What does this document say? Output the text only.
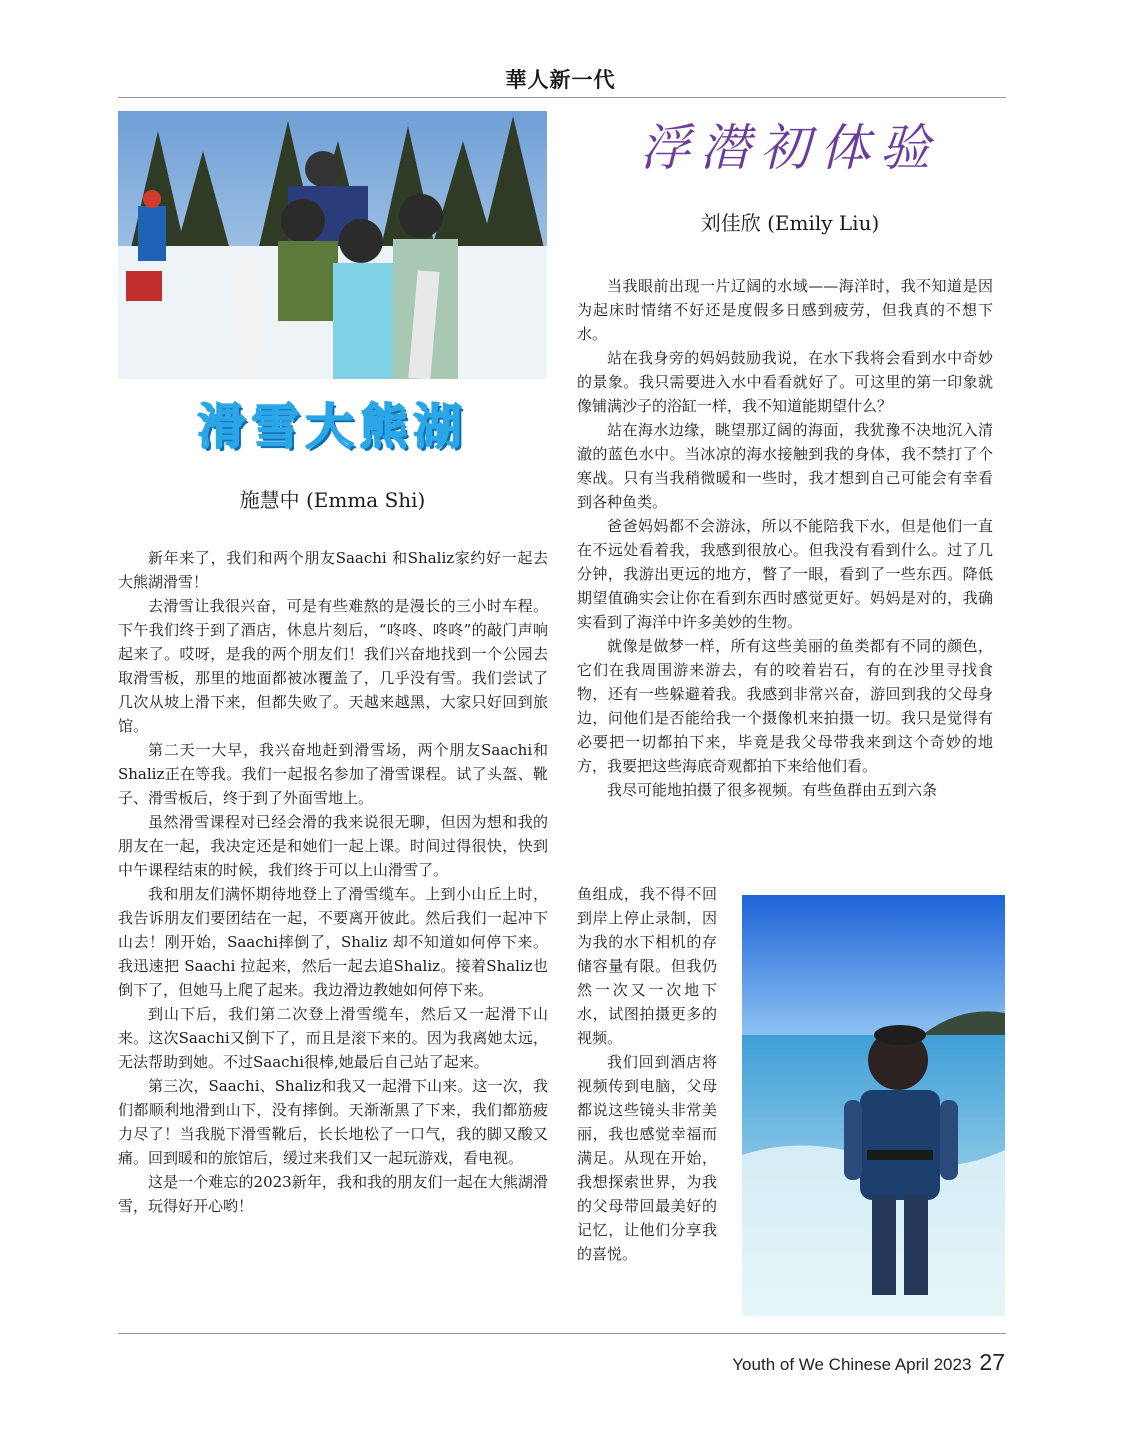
華人新一代
滑雪大熊湖
施慧中 (Emma Shi)

新年来了，我们和两个朋友Saachi 和Shaliz家约好一起去大熊湖滑雪！

去滑雪让我很兴奋，可是有些难熬的是漫长的三小时车程。下午我们终于到了酒店，休息片刻后，“咚咚、咚咚”的敲门声响起来了。哎呀，是我的两个朋友们！我们兴奋地找到一个公园去取滑雪板，那里的地面都被冰覆盖了，几乎没有雪。我们尝试了几次从坡上滑下来，但都失败了。天越来越黑，大家只好回到旅馆。

第二天一大早，我兴奋地赶到滑雪场，两个朋友Saachi和Shaliz正在等我。我们一起报名参加了滑雪课程。试了头盔、靴子、滑雪板后，终于到了外面雪地上。

虽然滑雪课程对已经会滑的我来说很无聊，但因为想和我的朋友在一起，我决定还是和她们一起上课。时间过得很快，快到中午课程结束的时候，我们终于可以上山滑雪了。

我和朋友们满怀期待地登上了滑雪缆车。上到小山丘上时，我告诉朋友们要团结在一起，不要离开彼此。然后我们一起冲下山去！刚开始，Saachi摔倒了，Shaliz 却不知道如何停下来。我迅速把 Saachi 拉起来，然后一起去追Shaliz。接着Shaliz也倒下了，但她马上爬了起来。我边滑边教她如何停下来。

到山下后，我们第二次登上滑雪缆车，然后又一起滑下山来。这次Saachi又倒下了，而且是滚下来的。因为我离她太远，无法帮助到她。不过Saachi很棒,她最后自己站了起来。

第三次，Saachi、Shaliz和我又一起滑下山来。这一次，我们都顺利地滑到山下，没有摔倒。天渐渐黑了下来，我们都筋疲力尽了！当我脱下滑雪靴后，长长地松了一口气，我的脚又酸又痛。回到暖和的旅馆后，缓过来我们又一起玩游戏，看电视。

这是一个难忘的2023新年，我和我的朋友们一起在大熊湖滑雪，玩得好开心哟！

浮潜初体验
刘佳欣 (Emily Liu)

当我眼前出现一片辽阔的水域——海洋时，我不知道是因为起床时情绪不好还是度假多日感到疲劳，但我真的不想下水。

站在我身旁的妈妈鼓励我说，在水下我将会看到水中奇妙的景象。我只需要进入水中看看就好了。可这里的第一印象就像铺满沙子的浴缸一样，我不知道能期望什么？

站在海水边缘，眺望那辽阔的海面，我犹豫不决地沉入清澈的蓝色水中。当冰凉的海水接触到我的身体，我不禁打了个寒战。只有当我稍微暖和一些时，我才想到自己可能会有幸看到各种鱼类。

爸爸妈妈都不会游泳，所以不能陪我下水，但是他们一直在不远处看着我，我感到很放心。但我没有看到什么。过了几分钟，我游出更远的地方，瞥了一眼，看到了一些东西。降低期望值确实会让你在看到东西时感觉更好。妈妈是对的，我确实看到了海洋中许多美妙的生物。

就像是做梦一样，所有这些美丽的鱼类都有不同的颜色，它们在我周围游来游去，有的咬着岩石，有的在沙里寻找食物，还有一些躲避着我。我感到非常兴奋，游回到我的父母身边，问他们是否能给我一个摄像机来拍摄一切。我只是觉得有必要把一切都拍下来，毕竟是我父母带我来到这个奇妙的地方，我要把这些海底奇观都拍下来给他们看。

我尽可能地拍摄了很多视频。有些鱼群由五到六条

鱼组成，我不得不回到岸上停止录制，因为我的水下相机的存储容量有限。但我仍然一次又一次地下水，试图拍摄更多的视频。

我们回到酒店将视频传到电脑，父母都说这些镜头非常美丽，我也感觉幸福而满足。从现在开始，我想探索世界，为我的父母带回最美好的记忆，让他们分享我的喜悦。

Youth of We Chinese April 2023 27
